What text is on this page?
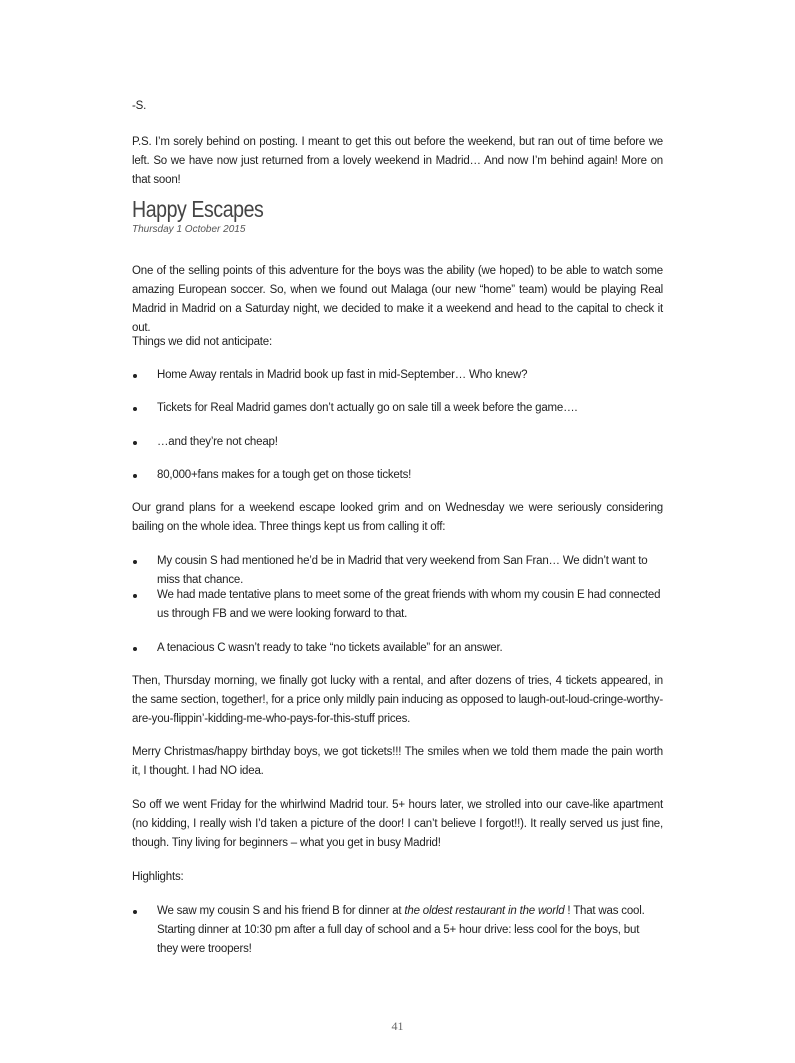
-S.
P.S. I’m sorely behind on posting. I meant to get this out before the weekend, but ran out of time before we left. So we have now just returned from a lovely weekend in Madrid… And now I’m behind again! More on that soon!
Happy Escapes
Thursday 1 October 2015
One of the selling points of this adventure for the boys was the ability (we hoped) to be able to watch some amazing European soccer. So, when we found out Malaga (our new “home” team) would be playing Real Madrid in Madrid on a Saturday night, we decided to make it a weekend and head to the capital to check it out.
Things we did not anticipate:
Home Away rentals in Madrid book up fast in mid-September… Who knew?
Tickets for Real Madrid games don’t actually go on sale till a week before the game….
…and they’re not cheap!
80,000+fans makes for a tough get on those tickets!
Our grand plans for a weekend escape looked grim and on Wednesday we were seriously considering bailing on the whole idea. Three things kept us from calling it off:
My cousin S had mentioned he’d be in Madrid that very weekend from San Fran… We didn’t want to miss that chance.
We had made tentative plans to meet some of the great friends with whom my cousin E had connected us through FB and we were looking forward to that.
A tenacious C wasn’t ready to take “no tickets available” for an answer.
Then, Thursday morning, we finally got lucky with a rental, and after dozens of tries, 4 tickets appeared, in the same section, together!, for a price only mildly pain inducing as opposed to laugh-out-loud-cringe-worthy-are-you-flippin’-kidding-me-who-pays-for-this-stuff prices.
Merry Christmas/happy birthday boys, we got tickets!!! The smiles when we told them made the pain worth it, I thought. I had NO idea.
So off we went Friday for the whirlwind Madrid tour. 5+ hours later, we strolled into our cave-like apartment (no kidding, I really wish I’d taken a picture of the door! I can’t believe I forgot!!). It really served us just fine, though. Tiny living for beginners – what you get in busy Madrid!
Highlights:
We saw my cousin S and his friend B for dinner at the oldest restaurant in the world ! That was cool. Starting dinner at 10:30 pm after a full day of school and a 5+ hour drive: less cool for the boys, but they were troopers!
41
